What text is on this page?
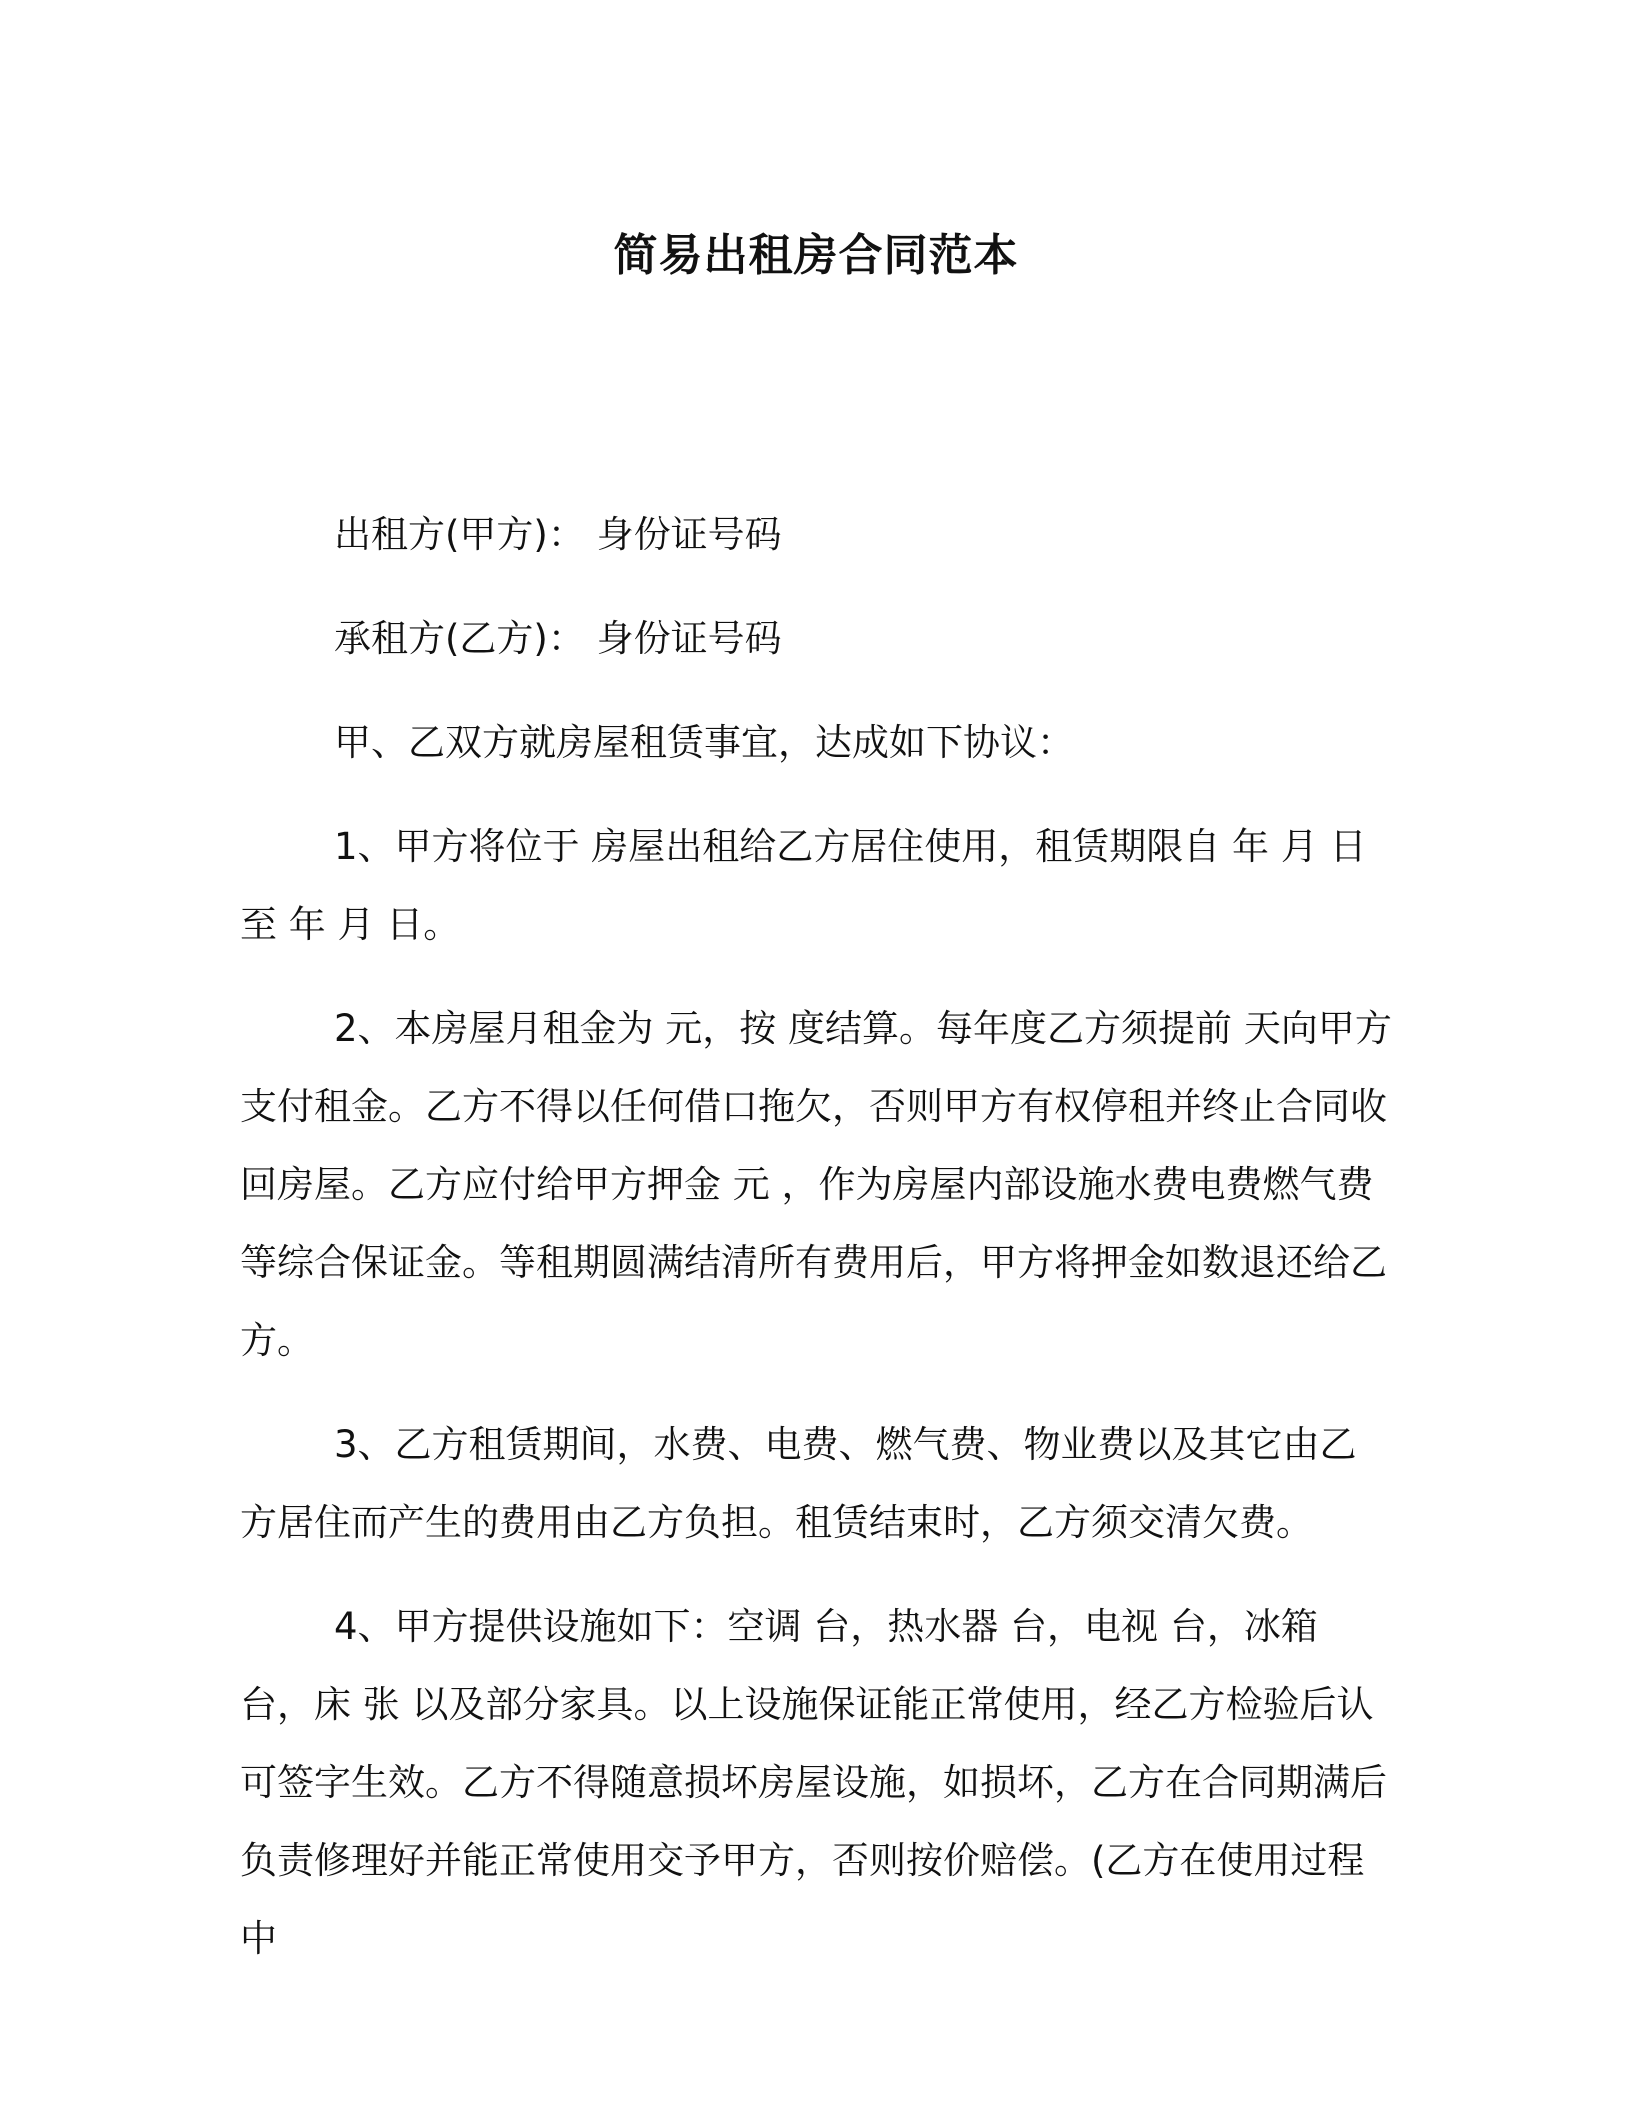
简易出租房合同范本

出租方(甲方)： 身份证号码

承租方(乙方)： 身份证号码

甲、乙双方就房屋租赁事宜，达成如下协议：

1、甲方将位于 房屋出租给乙方居住使用，租赁期限自 年 月 日至 年 月 日。

2、本房屋月租金为 元，按 度结算。每年度乙方须提前 天向甲方支付租金。乙方不得以任何借口拖欠，否则甲方有权停租并终止合同收回房屋。乙方应付给甲方押金 元 ，作为房屋内部设施水费电费燃气费等综合保证金。等租期圆满结清所有费用后，甲方将押金如数退还给乙方。

3、乙方租赁期间，水费、电费、燃气费、物业费以及其它由乙方居住而产生的费用由乙方负担。租赁结束时，乙方须交清欠费。

4、甲方提供设施如下：空调 台，热水器 台，电视 台，冰箱 台，床 张 以及部分家具。以上设施保证能正常使用，经乙方检验后认可签字生效。乙方不得随意损坏房屋设施，如损坏，乙方在合同期满后负责修理好并能正常使用交予甲方，否则按价赔偿。(乙方在使用过程中
